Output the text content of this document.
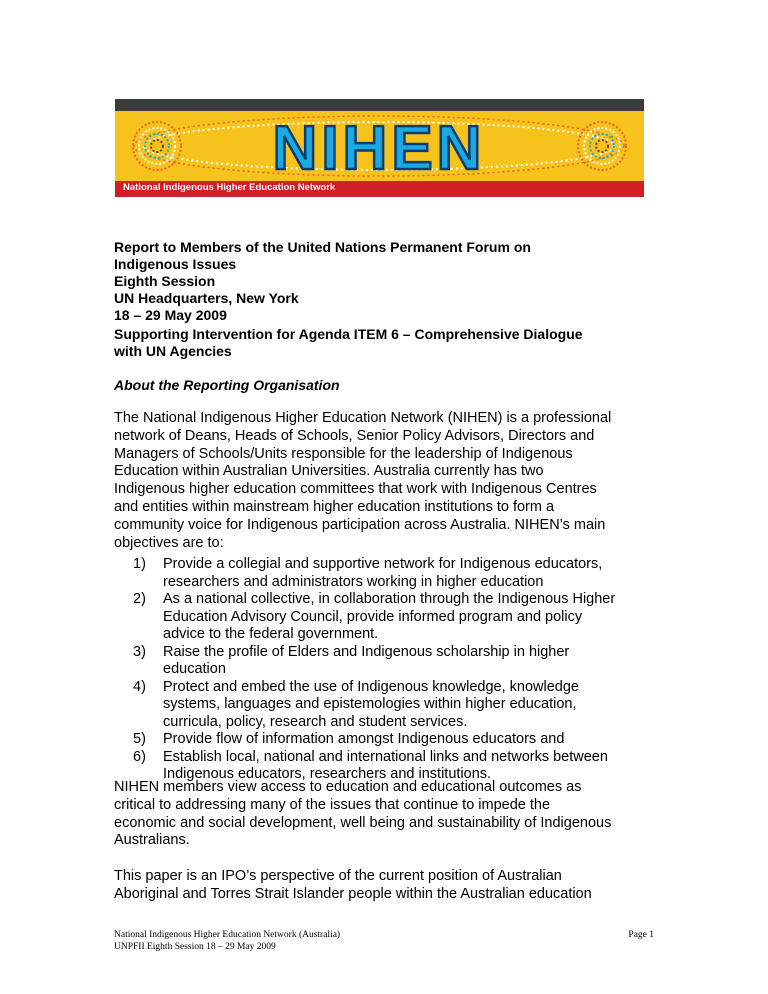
NIHEN
National Indigenous Higher Education Network

Report to Members of the United Nations Permanent Forum on
Indigenous Issues
Eighth Session
UN Headquarters, New York
18 – 29 May 2009

Supporting Intervention for Agenda ITEM 6 – Comprehensive Dialogue
with UN Agencies

About the Reporting Organisation

The National Indigenous Higher Education Network (NIHEN) is a professional
network of Deans, Heads of Schools, Senior Policy Advisors, Directors and
Managers of Schools/Units responsible for the leadership of Indigenous
Education within Australian Universities. Australia currently has two
Indigenous higher education committees that work with Indigenous Centres
and entities within mainstream higher education institutions to form a
community voice for Indigenous participation across Australia. NIHEN’s main
objectives are to:

1) Provide a collegial and supportive network for Indigenous educators,
researchers and administrators working in higher education
2) As a national collective, in collaboration through the Indigenous Higher
Education Advisory Council, provide informed program and policy
advice to the federal government.
3) Raise the profile of Elders and Indigenous scholarship in higher
education
4) Protect and embed the use of Indigenous knowledge, knowledge
systems, languages and epistemologies within higher education,
curricula, policy, research and student services.
5) Provide flow of information amongst Indigenous educators and
6) Establish local, national and international links and networks between
Indigenous educators, researchers and institutions.

NIHEN members view access to education and educational outcomes as
critical to addressing many of the issues that continue to impede the
economic and social development, well being and sustainability of Indigenous
Australians.

This paper is an IPO’s perspective of the current position of Australian
Aboriginal and Torres Strait Islander people within the Australian education

National Indigenous Higher Education Network (Australia)
UNPFII Eighth Session 18 – 29 May 2009
Page 1
